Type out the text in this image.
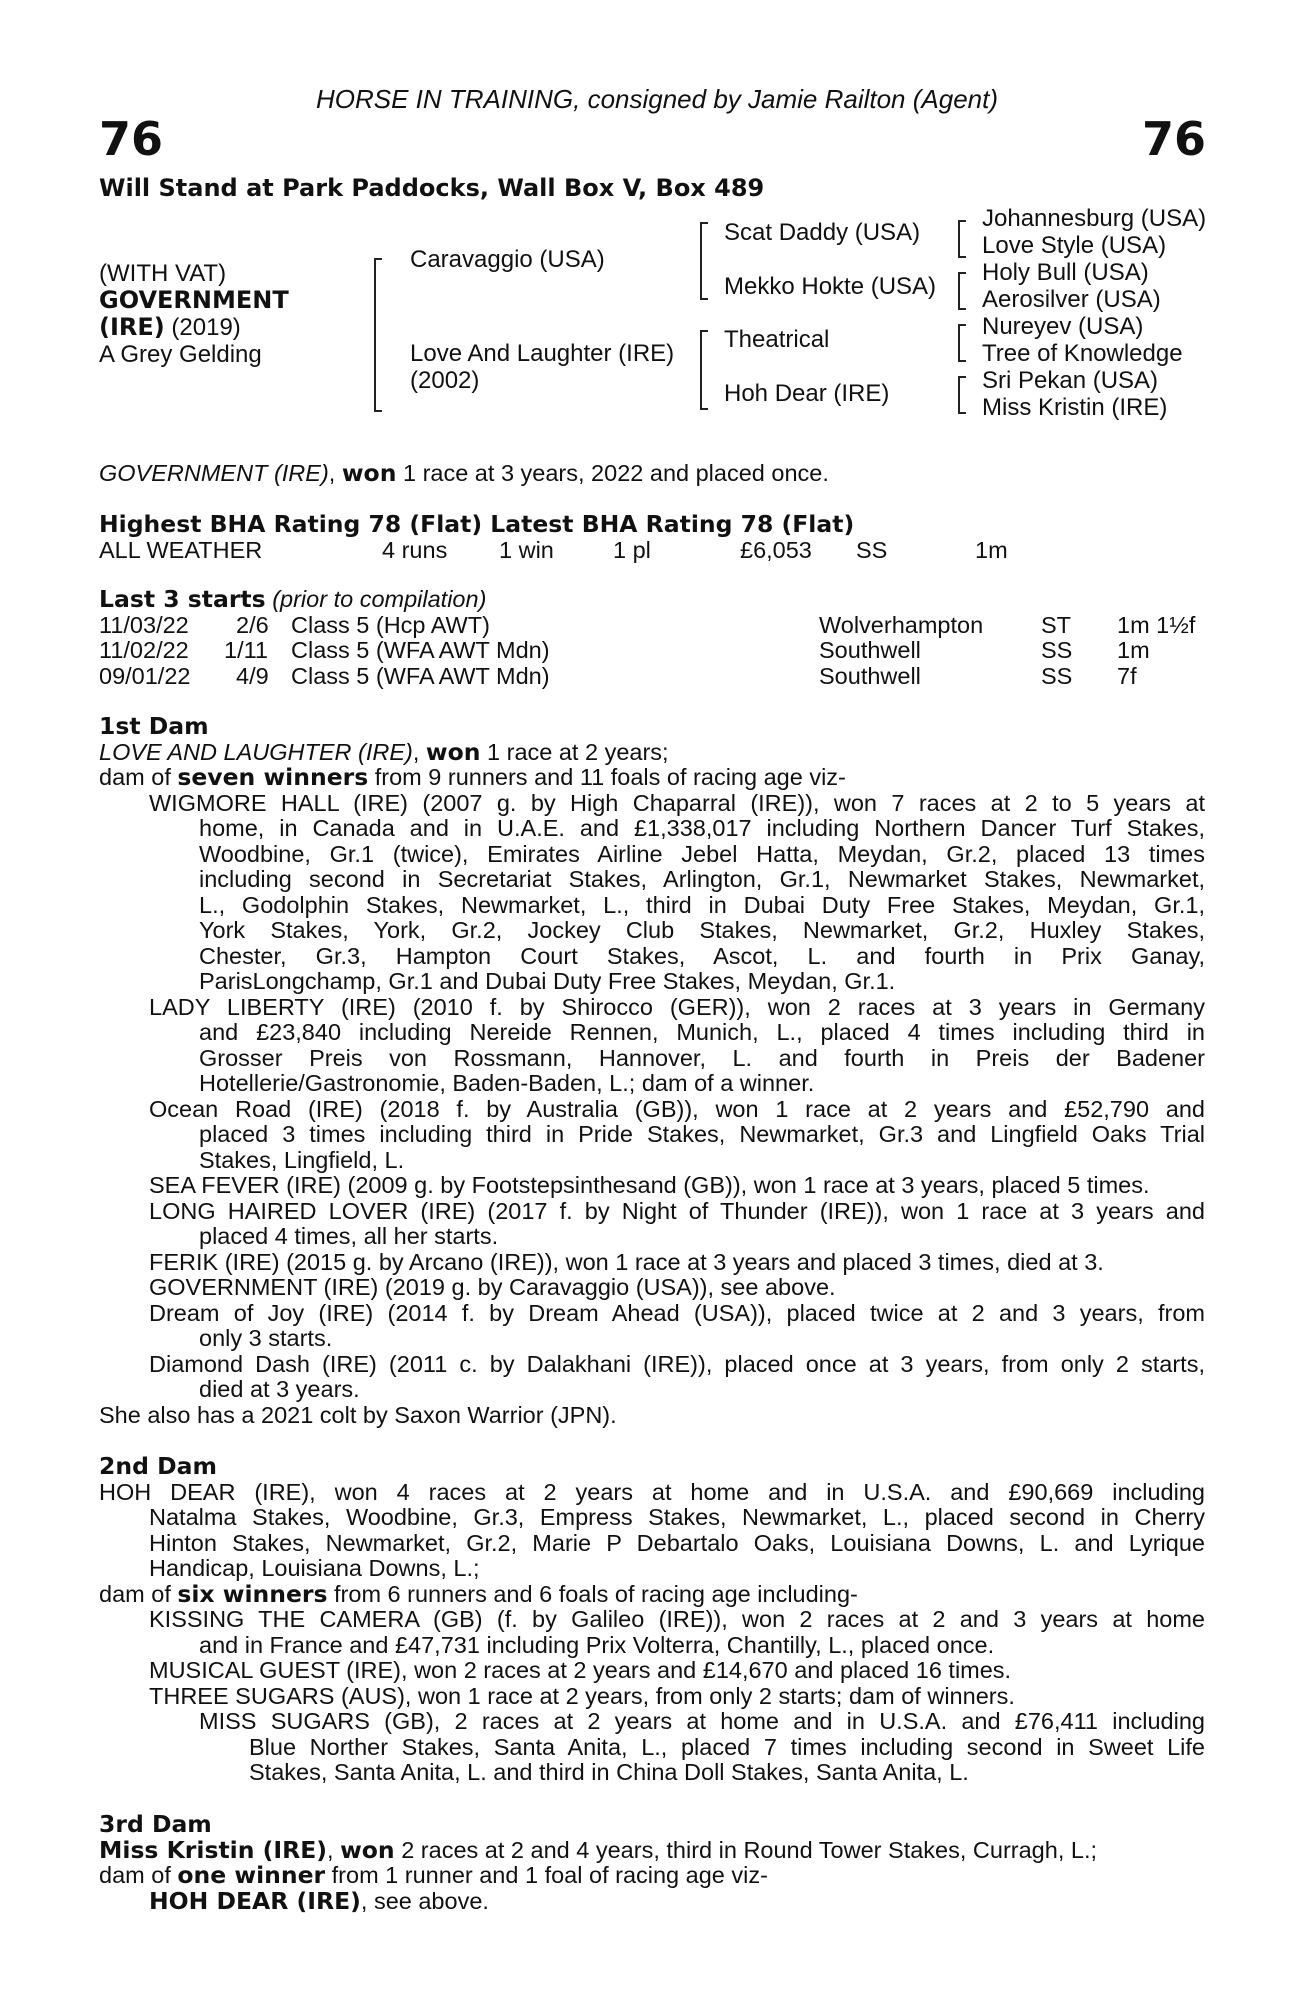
HORSE IN TRAINING, consigned by Jamie Railton (Agent)
76	76
Will Stand at Park Paddocks, Wall Box V, Box 489
(WITH VAT)
GOVERNMENT
(IRE) (2019)
A Grey Gelding
Caravaggio (USA)
Love And Laughter (IRE)
(2002)
Scat Daddy (USA)
Mekko Hokte (USA)
Theatrical
Hoh Dear (IRE)
Johannesburg (USA)
Love Style (USA)
Holy Bull (USA)
Aerosilver (USA)
Nureyev (USA)
Tree of Knowledge
Sri Pekan (USA)
Miss Kristin (IRE)
GOVERNMENT (IRE), won 1 race at 3 years, 2022 and placed once.
Highest BHA Rating 78 (Flat) Latest BHA Rating 78 (Flat)
ALL WEATHER	4 runs 1 win	1 pl	£6,053 SS	1m
Last 3 starts (prior to compilation)
11/03/22 2/6 Class 5 (Hcp AWT)	Wolverhampton ST 1m 1½f
11/02/22 1/11 Class 5 (WFA AWT Mdn)	Southwell	SS 1m
09/01/22 4/9 Class 5 (WFA AWT Mdn)	Southwell	SS 7f
1st Dam
LOVE AND LAUGHTER (IRE), won 1 race at 2 years;
dam of seven winners from 9 runners and 11 foals of racing age viz-
WIGMORE HALL (IRE) (2007 g. by High Chaparral (IRE)), won 7 races at 2 to 5 years at
home, in Canada and in U.A.E. and £1,338,017 including Northern Dancer Turf Stakes,
Woodbine, Gr.1 (twice), Emirates Airline Jebel Hatta, Meydan, Gr.2, placed 13 times
including second in Secretariat Stakes, Arlington, Gr.1, Newmarket Stakes, Newmarket,
L., Godolphin Stakes, Newmarket, L., third in Dubai Duty Free Stakes, Meydan, Gr.1,
York Stakes, York, Gr.2, Jockey Club Stakes, Newmarket, Gr.2, Huxley Stakes,
Chester, Gr.3, Hampton Court Stakes, Ascot, L. and fourth in Prix Ganay,
ParisLongchamp, Gr.1 and Dubai Duty Free Stakes, Meydan, Gr.1.
LADY LIBERTY (IRE) (2010 f. by Shirocco (GER)), won 2 races at 3 years in Germany
and £23,840 including Nereide Rennen, Munich, L., placed 4 times including third in
Grosser Preis von Rossmann, Hannover, L. and fourth in Preis der Badener
Hotellerie/Gastronomie, Baden-Baden, L.; dam of a winner.
Ocean Road (IRE) (2018 f. by Australia (GB)), won 1 race at 2 years and £52,790 and
placed 3 times including third in Pride Stakes, Newmarket, Gr.3 and Lingfield Oaks Trial
Stakes, Lingfield, L.
SEA FEVER (IRE) (2009 g. by Footstepsinthesand (GB)), won 1 race at 3 years, placed 5 times.
LONG HAIRED LOVER (IRE) (2017 f. by Night of Thunder (IRE)), won 1 race at 3 years and
placed 4 times, all her starts.
FERIK (IRE) (2015 g. by Arcano (IRE)), won 1 race at 3 years and placed 3 times, died at 3.
GOVERNMENT (IRE) (2019 g. by Caravaggio (USA)), see above.
Dream of Joy (IRE) (2014 f. by Dream Ahead (USA)), placed twice at 2 and 3 years, from
only 3 starts.
Diamond Dash (IRE) (2011 c. by Dalakhani (IRE)), placed once at 3 years, from only 2 starts,
died at 3 years.
She also has a 2021 colt by Saxon Warrior (JPN).
2nd Dam
HOH DEAR (IRE), won 4 races at 2 years at home and in U.S.A. and £90,669 including
Natalma Stakes, Woodbine, Gr.3, Empress Stakes, Newmarket, L., placed second in Cherry
Hinton Stakes, Newmarket, Gr.2, Marie P Debartalo Oaks, Louisiana Downs, L. and Lyrique
Handicap, Louisiana Downs, L.;
dam of six winners from 6 runners and 6 foals of racing age including-
KISSING THE CAMERA (GB) (f. by Galileo (IRE)), won 2 races at 2 and 3 years at home
and in France and £47,731 including Prix Volterra, Chantilly, L., placed once.
MUSICAL GUEST (IRE), won 2 races at 2 years and £14,670 and placed 16 times.
THREE SUGARS (AUS), won 1 race at 2 years, from only 2 starts; dam of winners.
MISS SUGARS (GB), 2 races at 2 years at home and in U.S.A. and £76,411 including
Blue Norther Stakes, Santa Anita, L., placed 7 times including second in Sweet Life
Stakes, Santa Anita, L. and third in China Doll Stakes, Santa Anita, L.
3rd Dam
Miss Kristin (IRE), won 2 races at 2 and 4 years, third in Round Tower Stakes, Curragh, L.;
dam of one winner from 1 runner and 1 foal of racing age viz-
HOH DEAR (IRE), see above.
